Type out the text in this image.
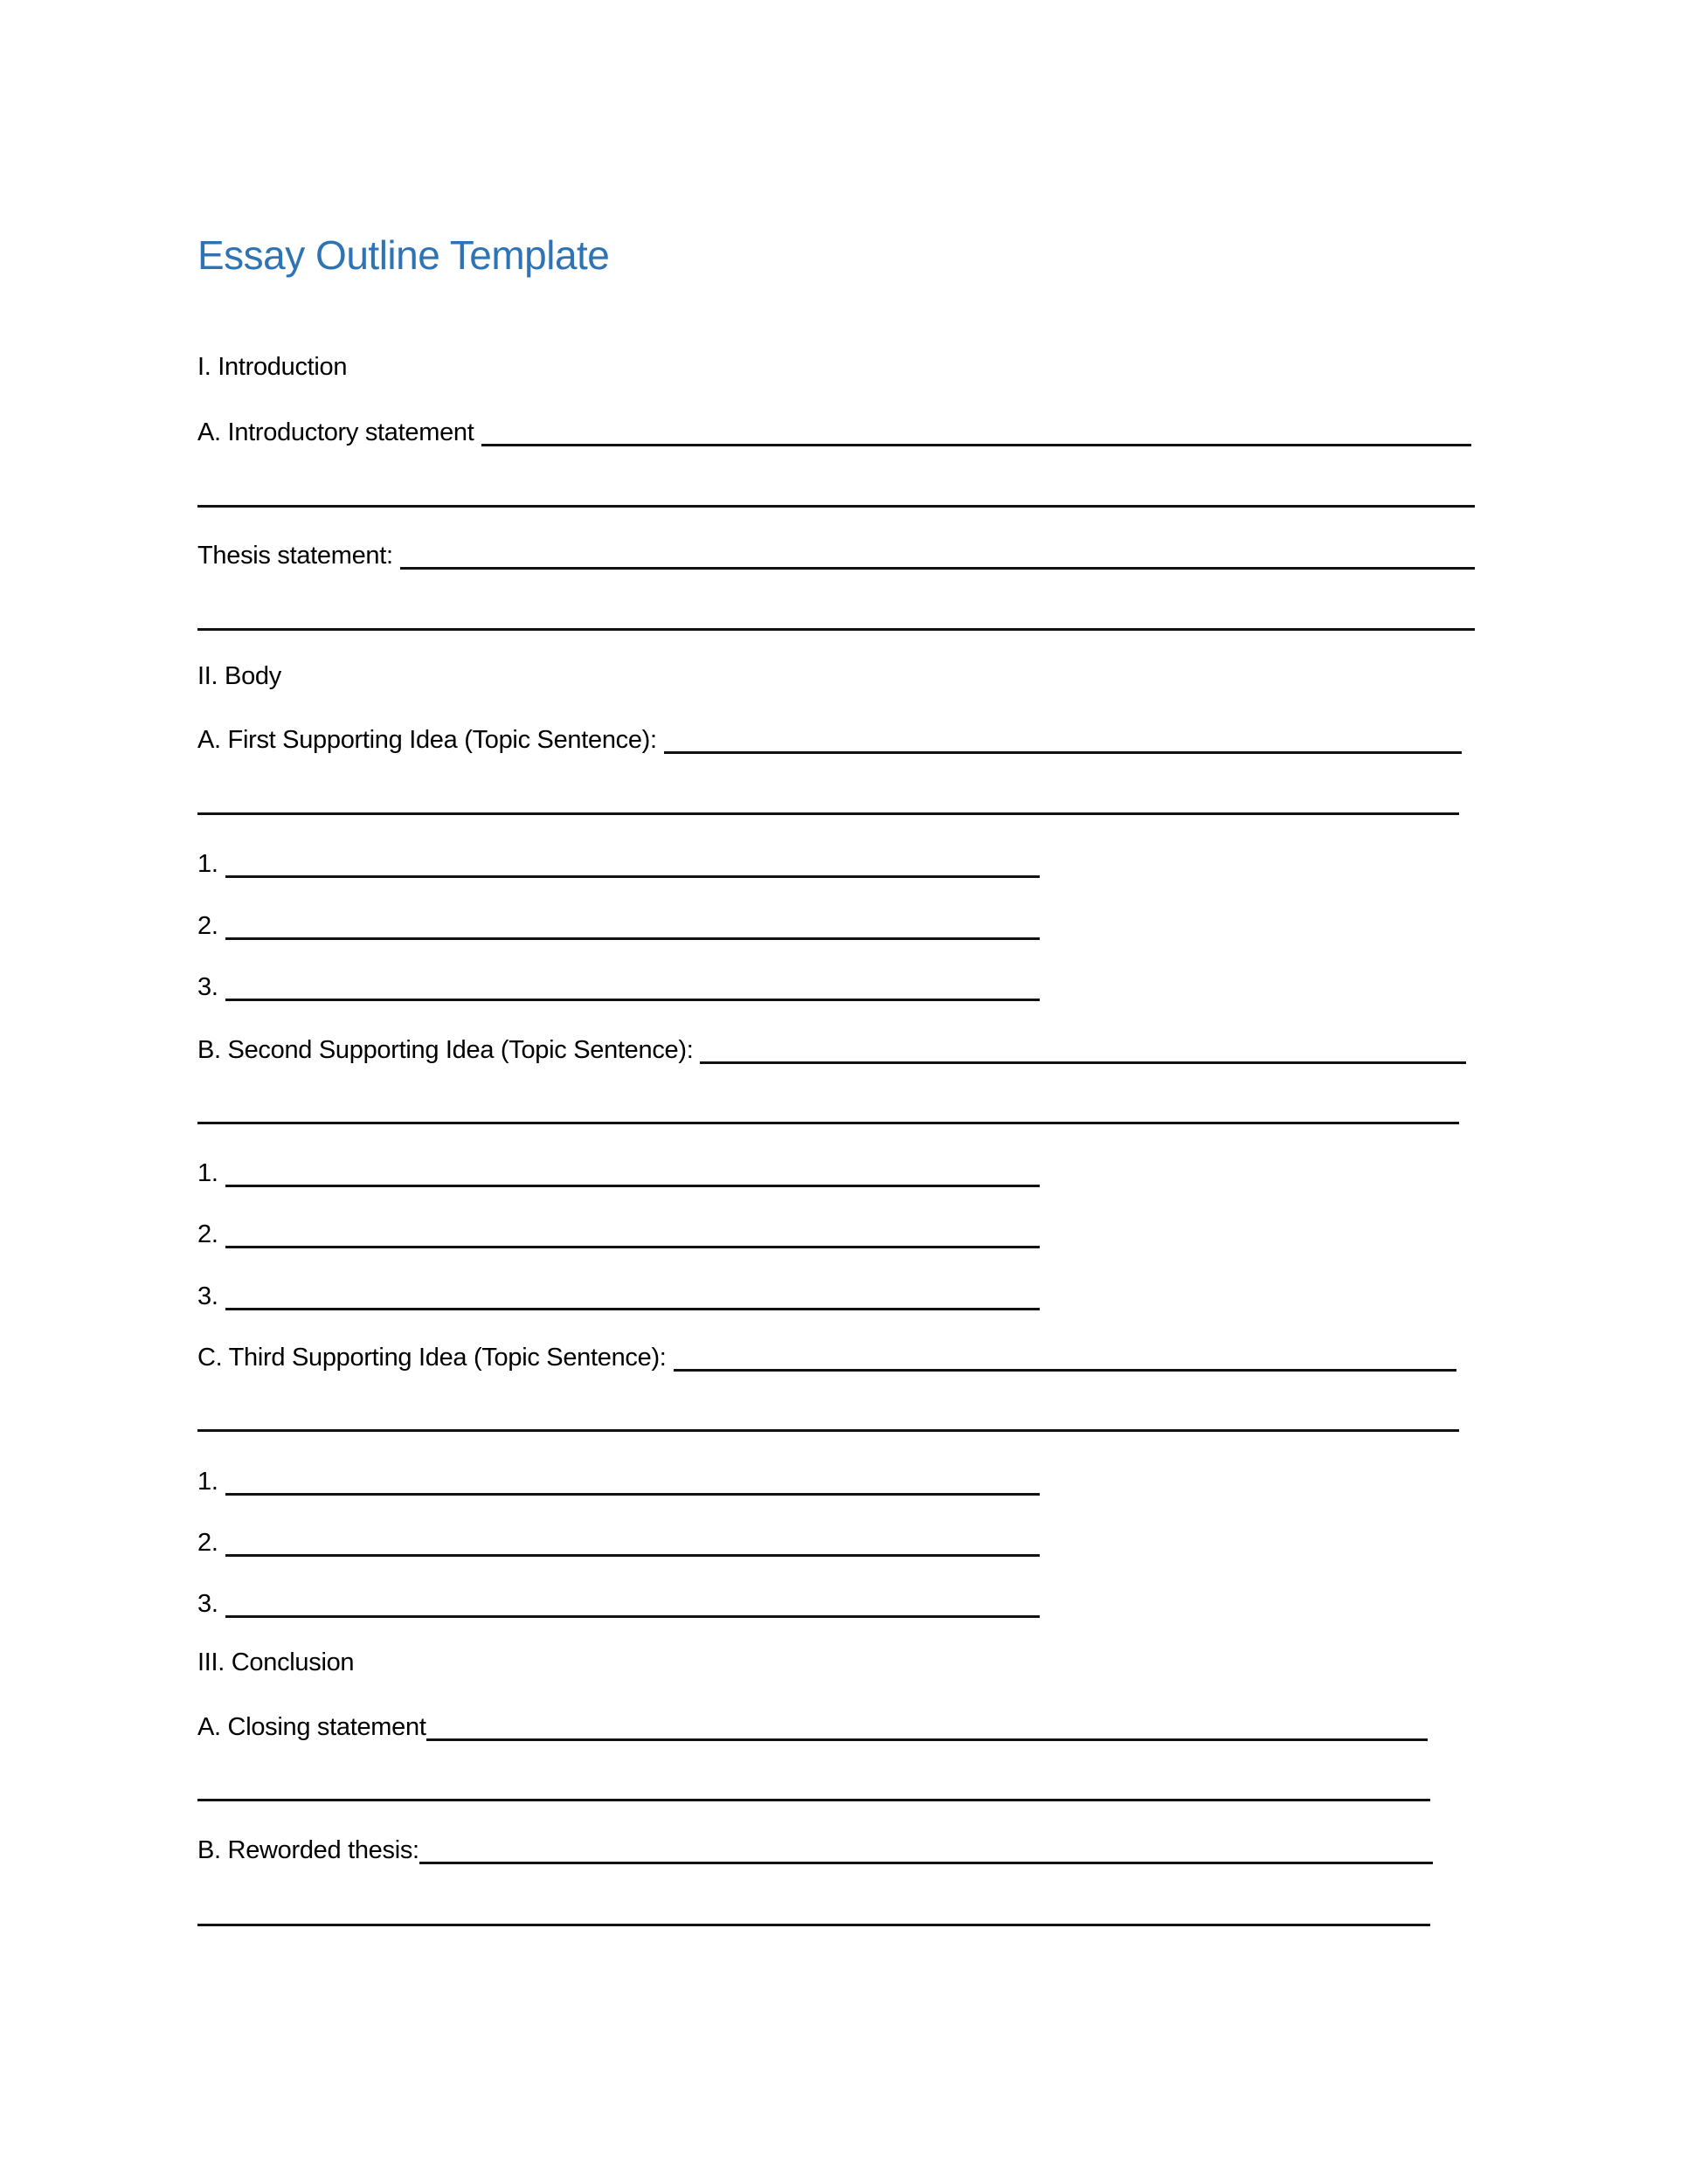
Essay Outline Template
I. Introduction
A. Introductory statement
Thesis statement:
II. Body
A. First Supporting Idea (Topic Sentence):
1.
2.
3.
B. Second Supporting Idea (Topic Sentence):
1.
2.
3.
C. Third Supporting Idea (Topic Sentence):
1.
2.
3.
III. Conclusion
A. Closing statement
B. Reworded thesis:
